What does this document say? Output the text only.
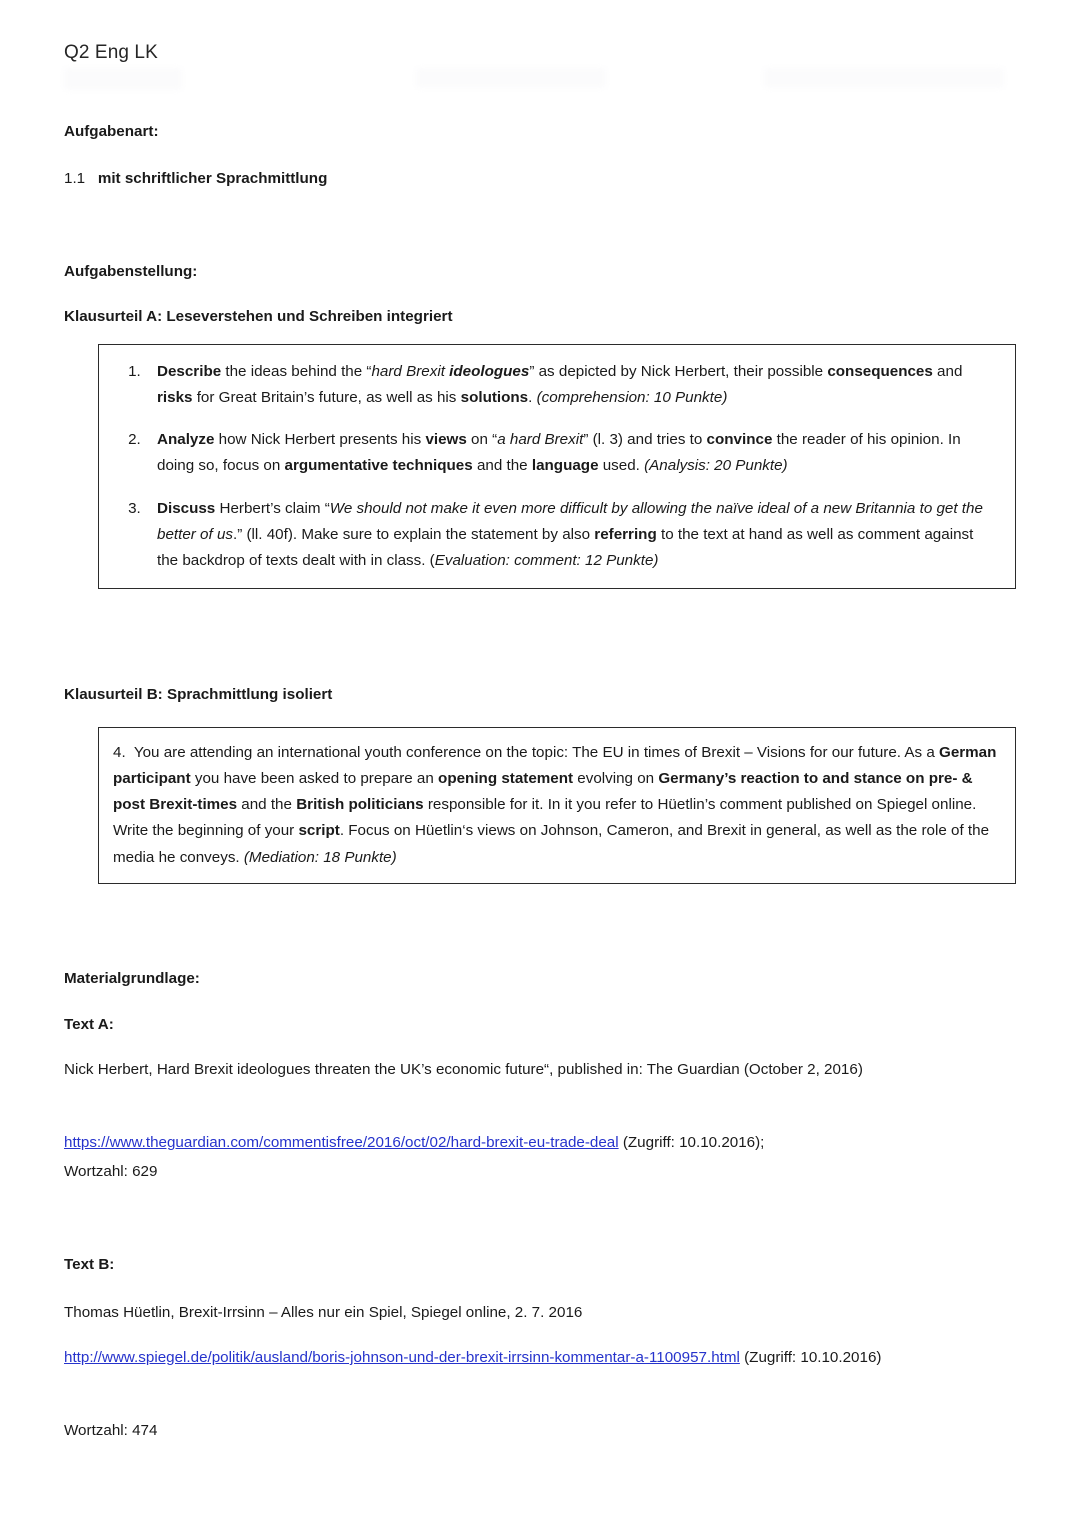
Q2 Eng LK
Aufgabenart:
1.1 mit schriftlicher Sprachmittlung
Aufgabenstellung:
Klausurteil A: Leseverstehen und Schreiben integriert
1. Describe the ideas behind the “hard Brexit ideologues” as depicted by Nick Herbert, their possible consequences and risks for Great Britain’s future, as well as his solutions. (comprehension: 10 Punkte)
2. Analyze how Nick Herbert presents his views on “a hard Brexit” (l. 3) and tries to convince the reader of his opinion. In doing so, focus on argumentative techniques and the language used. (Analysis: 20 Punkte)
3. Discuss Herbert’s claim “We should not make it even more difficult by allowing the naïve ideal of a new Britannia to get the better of us.” (ll. 40f). Make sure to explain the statement by also referring to the text at hand as well as comment against the backdrop of texts dealt with in class. (Evaluation: comment: 12 Punkte)
Klausurteil B: Sprachmittlung isoliert
4.  You are attending an international youth conference on the topic: The EU in times of Brexit – Visions for our future. As a German participant you have been asked to prepare an opening statement evolving on Germany’s reaction to and stance on pre- & post Brexit-times and the British politicians responsible for it. In it you refer to Hüetlin’s comment published on Spiegel online. Write the beginning of your script. Focus on Hüetlin‘s views on Johnson, Cameron, and Brexit in general, as well as the role of the media he conveys. (Mediation: 18 Punkte)
Materialgrundlage:
Text A:
Nick Herbert, Hard Brexit ideologues threaten the UK’s economic future“, published in: The Guardian (October 2, 2016)
https://www.theguardian.com/commentisfree/2016/oct/02/hard-brexit-eu-trade-deal (Zugriff: 10.10.2016);
Wortzahl: 629
Text B:
Thomas Hüetlin, Brexit-Irrsinn – Alles nur ein Spiel, Spiegel online, 2. 7. 2016
http://www.spiegel.de/politik/ausland/boris-johnson-und-der-brexit-irrsinn-kommentar-a-1100957.html (Zugriff: 10.10.2016)
Wortzahl: 474
